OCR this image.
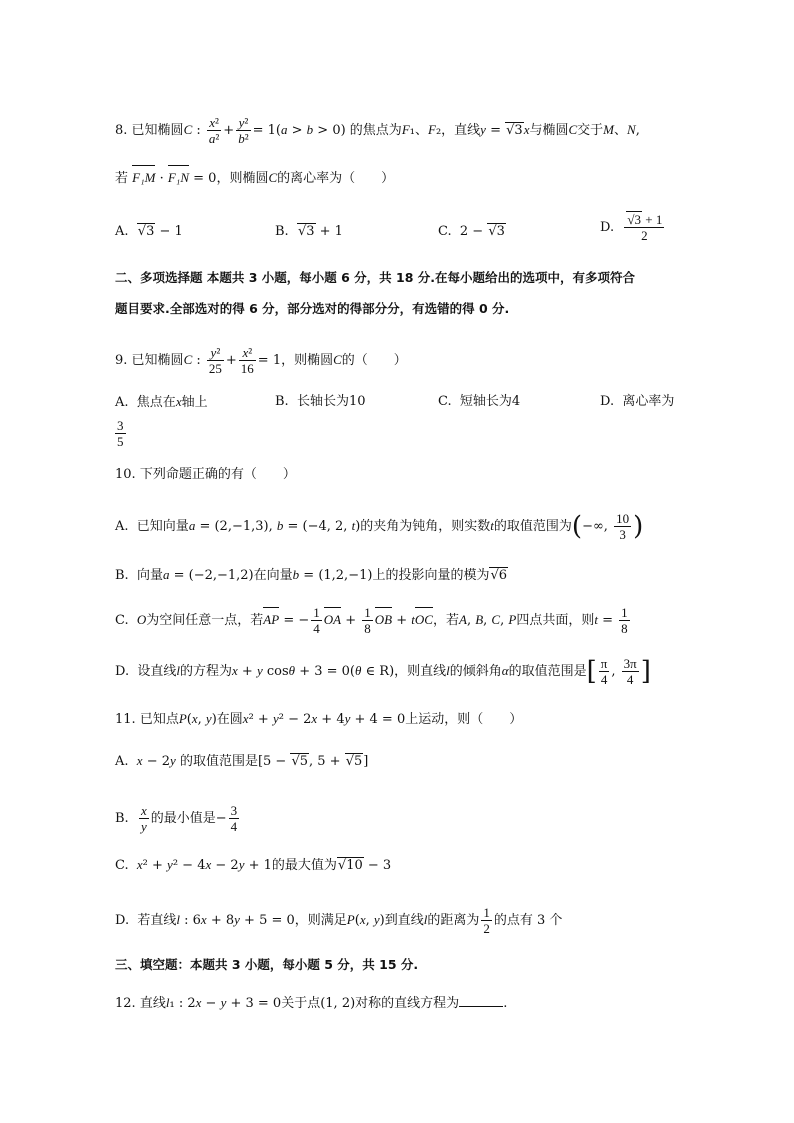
8. 已知椭圆C : $\frac{\text{x²}}{\text{a²}} + \frac{\text{y²}}{\text{b²}} = 1(a > b > 0)$ 的焦点为F₁、F₂，直线y = √3x与椭圆C交于M、N,
若 F₁M · F₁N = 0，则椭圆C的离心率为（　　）
A. √3 − 1	B. √3 + 1	C.  2 − √3	D. $\frac{√3 + 1}{2}$
二、多项选择题 本题共 3 小题，每小题 6 分，共 18 分.在每小题给出的选项中，有多项符合
题目要求.全部选对的得 6 分，部分选对的得部分分，有选错的得 0 分.
9. 已知椭圆C : $\frac{\text{y²}}{25} + \frac{\text{x²}}{16} = 1$，则椭圆C的（　　）
A. 焦点在x轴上	B. 长轴长为10	C. 短轴长为4	D. 离心率为
$\frac{3}{5}$
10. 下列命题正确的有（　　）
A. 已知向量a = (2,−1,3), b = (−4, 2, t)的夹角为钝角，则实数t的取值范围为(−∞, $\frac{10}{3}$ )
B. 向量a = (−2,−1,2)在向量b = (1,2,−1)上的投影向量的模为√6
C. O为空间任意一点，若AP = − $\frac{1}{4}$ OA + $\frac{1}{8}$ OB + tOC，若A, B, C, P四点共面，则$t = \frac{1}{8}$
D. 设直线l的方程为x + y cosθ + 3 = 0(θ ∈ R)，则直线l的倾斜角α的取值范围是[ $\frac{\pi}{4}$ , $\frac{3\pi}{4}$ ]
11. 已知点P(x, y)在圆x² + y² − 2x + 4y + 4 = 0上运动，则（　　）
A. x − 2y 的取值范围是[5 − √5, 5 + √5]
B. $\frac{x}{y}$ 的最小值是− $\frac{3}{4}$
C. x² + y² − 4x − 2y + 1的最大值为√10 − 3
D. 若直线l : 6x + 8y + 5 = 0，则满足P(x, y)到直线l的距离为 $\frac{1}{2}$ 的点有 3 个
三、填空题：本题共 3 小题，每小题 5 分，共 15 分.
12. 直线l₁ : 2x − y + 3 = 0关于点(1, 2)对称的直线方程为	.
